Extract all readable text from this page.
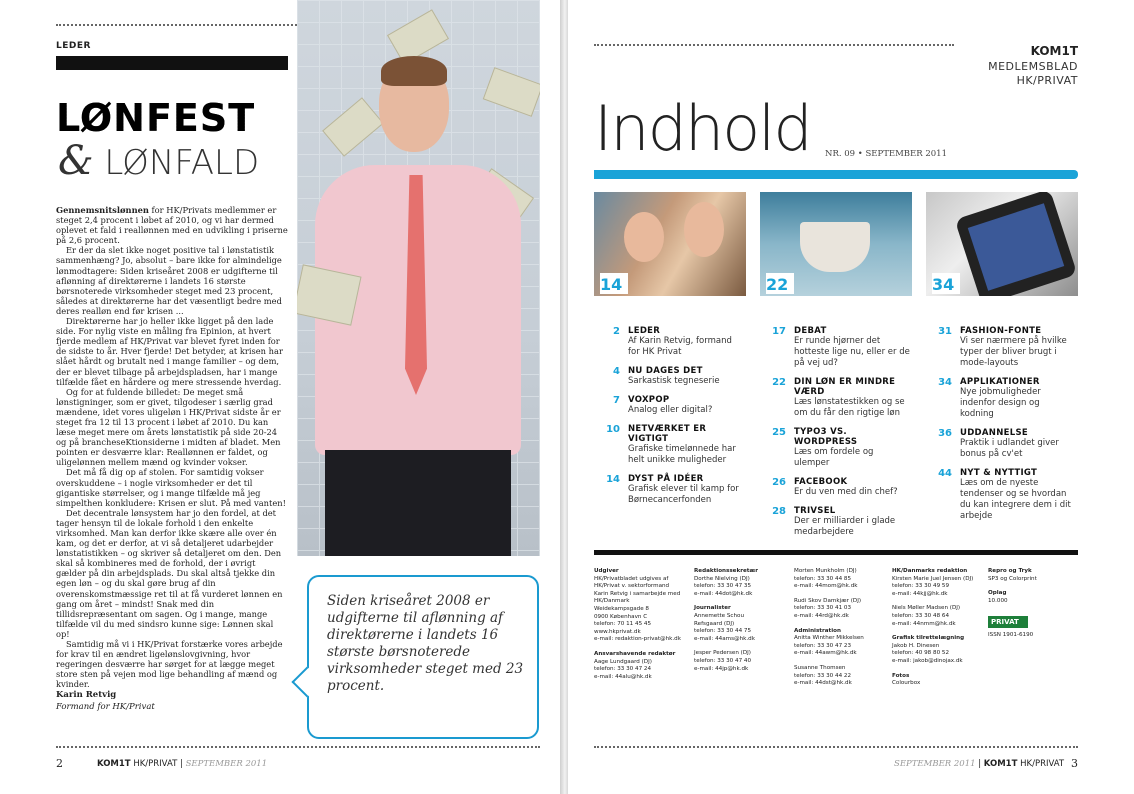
LEDER
LØNFEST
& LØNFALD

Gennemsnitslønnen for HK/Privats medlemmer er steget 2,4 procent i løbet af 2010, og vi har dermed oplevet et fald i reallønnen med en udvikling i priserne på 2,6 procent.

Er der da slet ikke noget positive tal i lønstatistik sammenhæng? Jo, absolut – bare ikke for almindelige lønmodtagere: Siden kriseåret 2008 er udgifterne til aflønning af direktørerne i landets 16 største børsnoterede virksomheder steget med 23 procent, således at direktørerne har det væsentligt bedre med deres realløn end før krisen ...

Direktørerne har jo heller ikke ligget på den lade side. For nylig viste en måling fra Epinion, at hvert fjerde medlem af HK/Privat var blevet fyret inden for de sidste to år. Hver fjerde! Det betyder, at krisen har slået hårdt og brutalt ned i mange familier – og dem, der er blevet tilbage på arbejdspladsen, har i mange tilfælde fået en hårdere og mere stressende hverdag.

Og for at fuldende billedet: De meget små lønstigninger, som er givet, tilgodeser i særlig grad mændene, idet vores uligeløn i HK/Privat sidste år er steget fra 12 til 13 procent i løbet af 2010. Du kan læse meget mere om årets lønstatistik på side 20-24 og på brancheseKtionsiderne i midten af bladet. Men pointen er desværre klar: Reallønnen er faldet, og uligelønnen mellem mænd og kvinder vokser.

Det må få dig op af stolen. For samtidig vokser overskuddene – i nogle virksomheder er det til gigantiske størrelser, og i mange tilfælde må jeg simpelthen konkludere: Krisen er slut. På med vanten!

Det decentrale lønsystem har jo den fordel, at det tager hensyn til de lokale forhold i den enkelte virksomhed. Man kan derfor ikke skære alle over én kam, og det er derfor, at vi så detaljeret udarbejder lønstatistikken – og skriver så detaljeret om den. Den skal så kombineres med de forhold, der i øvrigt gælder på din arbejdsplads. Du skal altså tjekke din egen løn – og du skal gøre brug af din overenskomstmæssige ret til at få vurderet lønnen en gang om året – mindst! Snak med din tillidsrepræsentant om sagen. Og i mange, mange tilfælde vil du med sindsro kunne sige: Lønnen skal op!

Samtidig må vi i HK/Privat forstærke vores arbejde for krav til en ændret ligelønslovgivning, hvor regeringen desværre har sørget for at lægge meget store sten på vejen mod lige behandling af mænd og kvinder.

Siden kriseåret 2008 er udgifterne til aflønning af direktørerne i landets 16 største børsnoterede virksomheder steget med 23 procent.
Karin Retvig
Formand for HK/Privat
2	KOM1T HK/PRIVAT | SEPTEMBER 2011
KOM1T
MEDLEMSBLAD
HK/PRIVAT
Indhold NR. 09 • SEPTEMBER 2011
14	22	34
2 LEDER
Af Karin Retvig, formand for HK Privat
4 NU DAGES DET
Sarkastisk tegneserie
7 VOXPOP
Analog eller digital?
10 NETVÆRKET ER VIGTIGT
Grafiske timelønnede har helt unikke muligheder
14 DYST PÅ IDÉER
Grafisk elever til kamp for Børnecancerfonden
17 DEBAT
Er runde hjørner det hotteste lige nu, eller er de på vej ud?
22 DIN LØN ER MINDRE VÆRD
Læs lønstatestikken og se om du får den rigtige løn
25 TYPO3 VS. WORDPRESS
Læs om fordele og ulemper
26 FACEBOOK
Er du ven med din chef?
28 TRIVSEL
Der er milliarder i glade medarbejdere
31 FASHION-FONTE
Vi ser nærmere på hvilke typer der bliver brugt i mode-layouts
34 APPLIKATIONER
Nye jobmuligheder indenfor design og kodning
36 UDDANNELSE
Praktik i udlandet giver bonus på cv'et
44 NYT & NYTTIGT
Læs om de nyeste tendenser og se hvordan du kan integrere dem i dit arbejde
Udgiver
HK/Privatbladet udgives af
HK/Privat v. sektorformand
Karin Retvig i samarbejde med
HK/Danmark
Weidekampsgade 8
0900 København C
telefon: 70 11 45 45
www.hkprivat.dk
e-mail: redaktion-privat@hk.dk
Ansvarshavende redaktør
Aage Lundgaard (DJ)
telefon: 33 30 47 24
e-mail: 44alu@hk.dk
Redaktionssekretær
Dorthe Nielving (DJ)
telefon: 33 30 47 35
e-mail: 44dot@hk.dk
Journalister
Annemette Schou
Refsgaard (DJ)
telefon: 33 30 44 75
e-mail: 44ams@hk.dk
Jesper Pedersen (DJ)
telefon: 33 30 47 40
e-mail: 44jp@hk.dk
Morten Munkholm (DJ)
telefon: 33 30 44 85
e-mail: 44mom@hk.dk
Rudi Skov Damkjær (DJ)
telefon: 33 30 41 03
e-mail: 44rd@hk.dk
Administration
Anitta Winther Mikkelsen
telefon: 33 30 47 23
e-mail: 44awm@hk.dk
Susanne Thomsen
telefon: 33 30 44 22
e-mail: 44dst@hk.dk
HK/Danmarks redaktion
Kirsten Marie Juel Jensen (DJ)
telefon: 33 30 49 59
e-mail: 44kjj@hk.dk
Niels Møller Madsen (DJ)
telefon: 33 30 48 64
e-mail: 44nmm@hk.dk
Grafisk tilrettelægning
Jakob H. Dinesen
telefon: 40 98 80 52
e-mail: jakob@dinojax.dk
Fotos
Colourbox
Repro og Tryk
SP3 og Colorprint
Oplag
10.000
PRIVAT
ISSN 1901-6190
SEPTEMBER 2011 | KOM1T HK/PRIVAT 3
